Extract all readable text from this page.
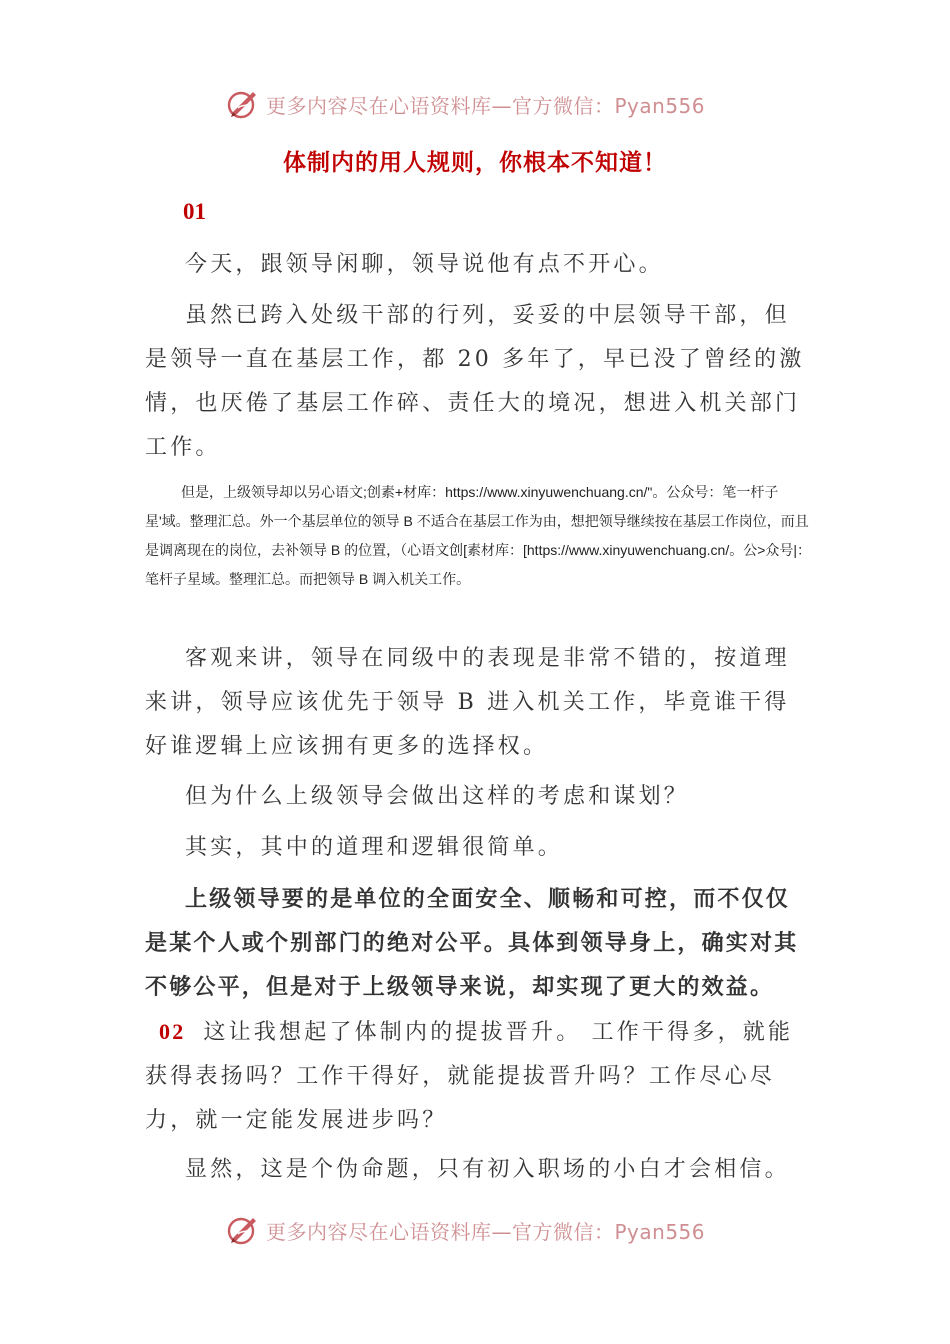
更多内容尽在心语资料库—官方微信：Pyan556
体制内的用人规则，你根本不知道！
01

今天，跟领导闲聊，领导说他有点不开心。

虽然已跨入处级干部的行列，妥妥的中层领导干部，但是领导一直在基层工作，都 20 多年了，早已没了曾经的激情，也厌倦了基层工作碎、责任大的境况，想进入机关部门工作。

但是，上级领导却以另心语文;创素+材库：https://www.xinyuwenchuang.cn/"。公众号：笔一杆子星'域。整理汇总。外一个基层单位的领导 B 不适合在基层工作为由，想把领导继续按在基层工作岗位，而且是调离现在的岗位，去补领导 B 的位置，（心语文创[素材库：[https://www.xinyuwenchuang.cn/。公>众号|：笔杆子星域。整理汇总。而把领导 B 调入机关工作。

客观来讲，领导在同级中的表现是非常不错的，按道理来讲，领导应该优先于领导 B 进入机关工作，毕竟谁干得好谁逻辑上应该拥有更多的选择权。

但为什么上级领导会做出这样的考虑和谋划？

其实，其中的道理和逻辑很简单。

上级领导要的是单位的全面安全、顺畅和可控，而不仅仅是某个人或个别部门的绝对公平。具体到领导身上，确实对其不够公平，但是对于上级领导来说，却实现了更大的效益。02 这让我想起了体制内的提拔晋升。 工作干得多，就能获得表扬吗？工作干得好，就能提拔晋升吗？工作尽心尽力，就一定能发展进步吗？

显然，这是个伪命题，只有初入职场的小白才会相信。

更多内容尽在心语资料库—官方微信：Pyan556
